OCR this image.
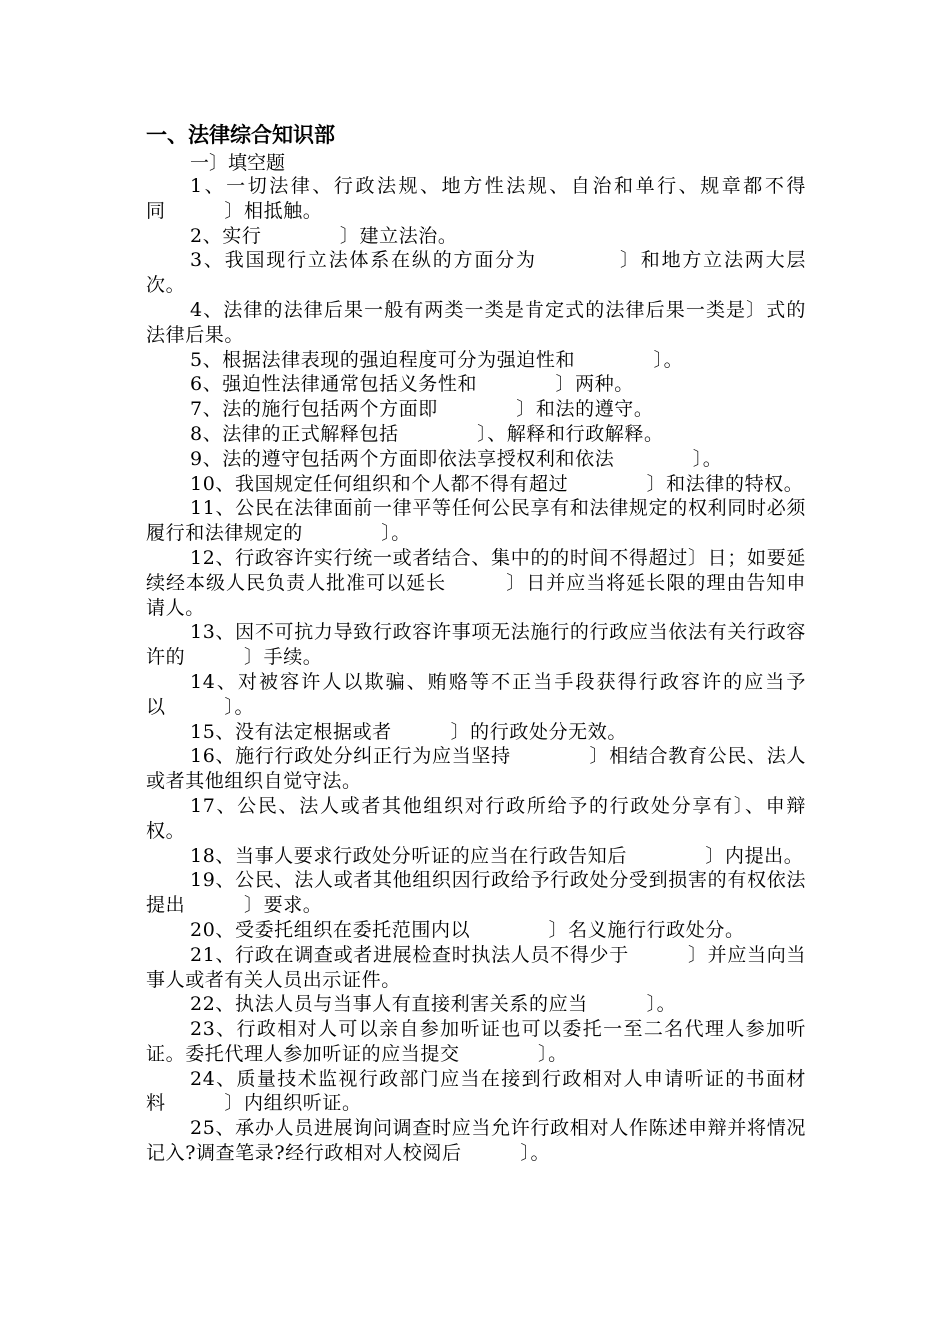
一、法律综合知识部
一〕填空题
1、一切法律、行政法规、地方性法规、自治和单行、规章都不得同　　　〕相抵触。
2、实行　　　　〕建立法治。
3、我国现行立法体系在纵的方面分为　　　　〕和地方立法两大层次。
4、法律的法律后果一般有两类一类是肯定式的法律后果一类是〕式的法律后果。
5、根据法律表现的强迫程度可分为强迫性和　　　　〕。
6、强迫性法律通常包括义务性和　　　　〕两种。
7、法的施行包括两个方面即　　　　〕和法的遵守。
8、法律的正式解释包括　　　　〕、解释和行政解释。
9、法的遵守包括两个方面即依法享授权利和依法　　　　〕。
10、我国规定任何组织和个人都不得有超过　　　　〕和法律的特权。
11、公民在法律面前一律平等任何公民享有和法律规定的权利同时必须履行和法律规定的　　　　〕。
12、行政容许实行统一或者结合、集中的的时间不得超过〕日；如要延续经本级人民负责人批准可以延长　　　〕日并应当将延长限的理由告知申请人。
13、因不可抗力导致行政容许事项无法施行的行政应当依法有关行政容许的　　　〕手续。
14、对被容许人以欺骗、贿赂等不正当手段获得行政容许的应当予以　　　〕。
15、没有法定根据或者　　　〕的行政处分无效。
16、施行行政处分纠正行为应当坚持　　　　〕相结合教育公民、法人或者其他组织自觉守法。
17、公民、法人或者其他组织对行政所给予的行政处分享有〕、申辩权。
18、当事人要求行政处分听证的应当在行政告知后　　　　〕内提出。
19、公民、法人或者其他组织因行政给予行政处分受到损害的有权依法提出　　　〕要求。
20、受委托组织在委托范围内以　　　　〕名义施行行政处分。
21、行政在调查或者进展检查时执法人员不得少于　　　〕并应当向当事人或者有关人员出示证件。
22、执法人员与当事人有直接利害关系的应当　　　〕。
23、行政相对人可以亲自参加听证也可以委托一至二名代理人参加听证。委托代理人参加听证的应当提交　　　　〕。
24、质量技术监视行政部门应当在接到行政相对人申请听证的书面材料　　　〕内组织听证。
25、承办人员进展询问调查时应当允许行政相对人作陈述申辩并将情况记入?调查笔录?经行政相对人校阅后　　　〕。
